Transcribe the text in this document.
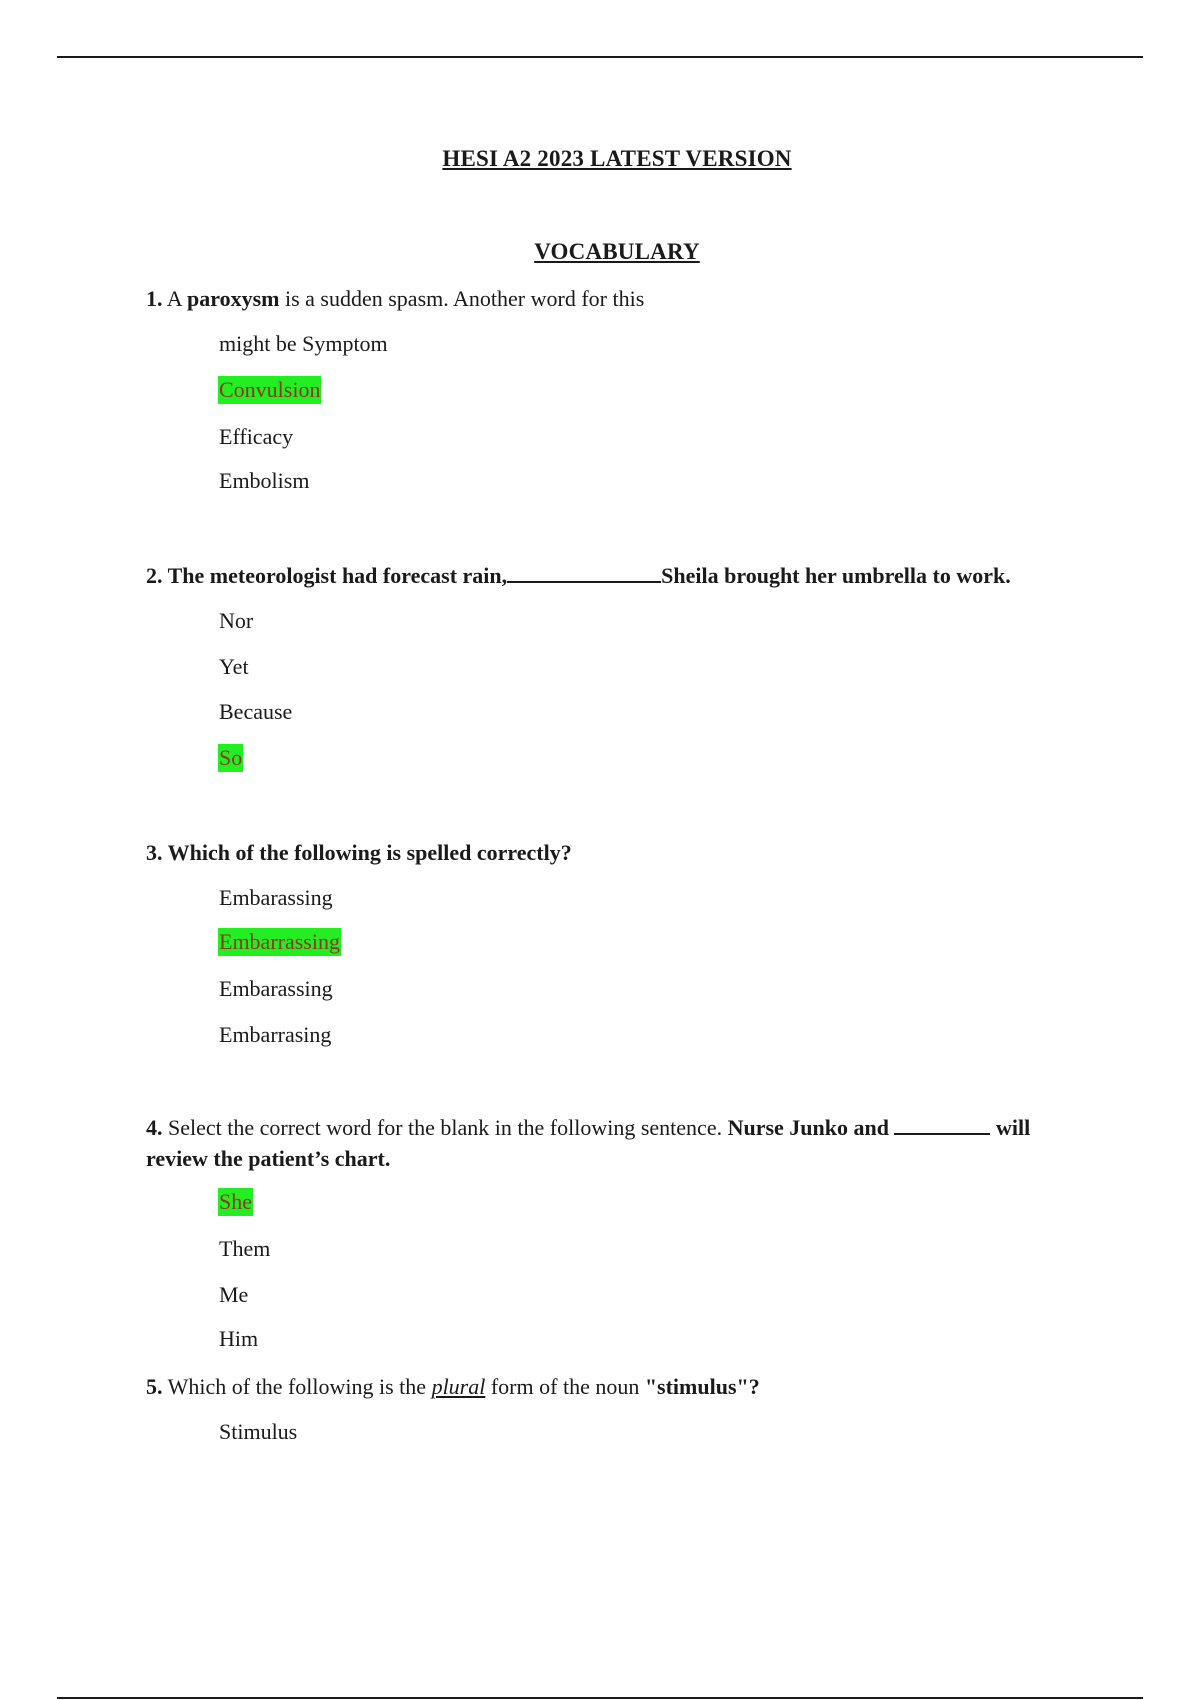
HESI A2 2023 LATEST VERSION
VOCABULARY
1. A paroxysm is a sudden spasm. Another word for this
might be Symptom
Convulsion
Efficacy
Embolism
2. The meteorologist had forecast rain,	Sheila brought her umbrella to work.
Nor
Yet
Because
So
3. Which of the following is spelled correctly?
Embarassing
Embarrassing
Embarassing
Embarrasing
4. Select the correct word for the blank in the following sentence. Nurse Junko and	will review the patient’s chart.
She
Them
Me
Him
5. Which of the following is the plural form of the noun "stimulus"?
Stimulus
